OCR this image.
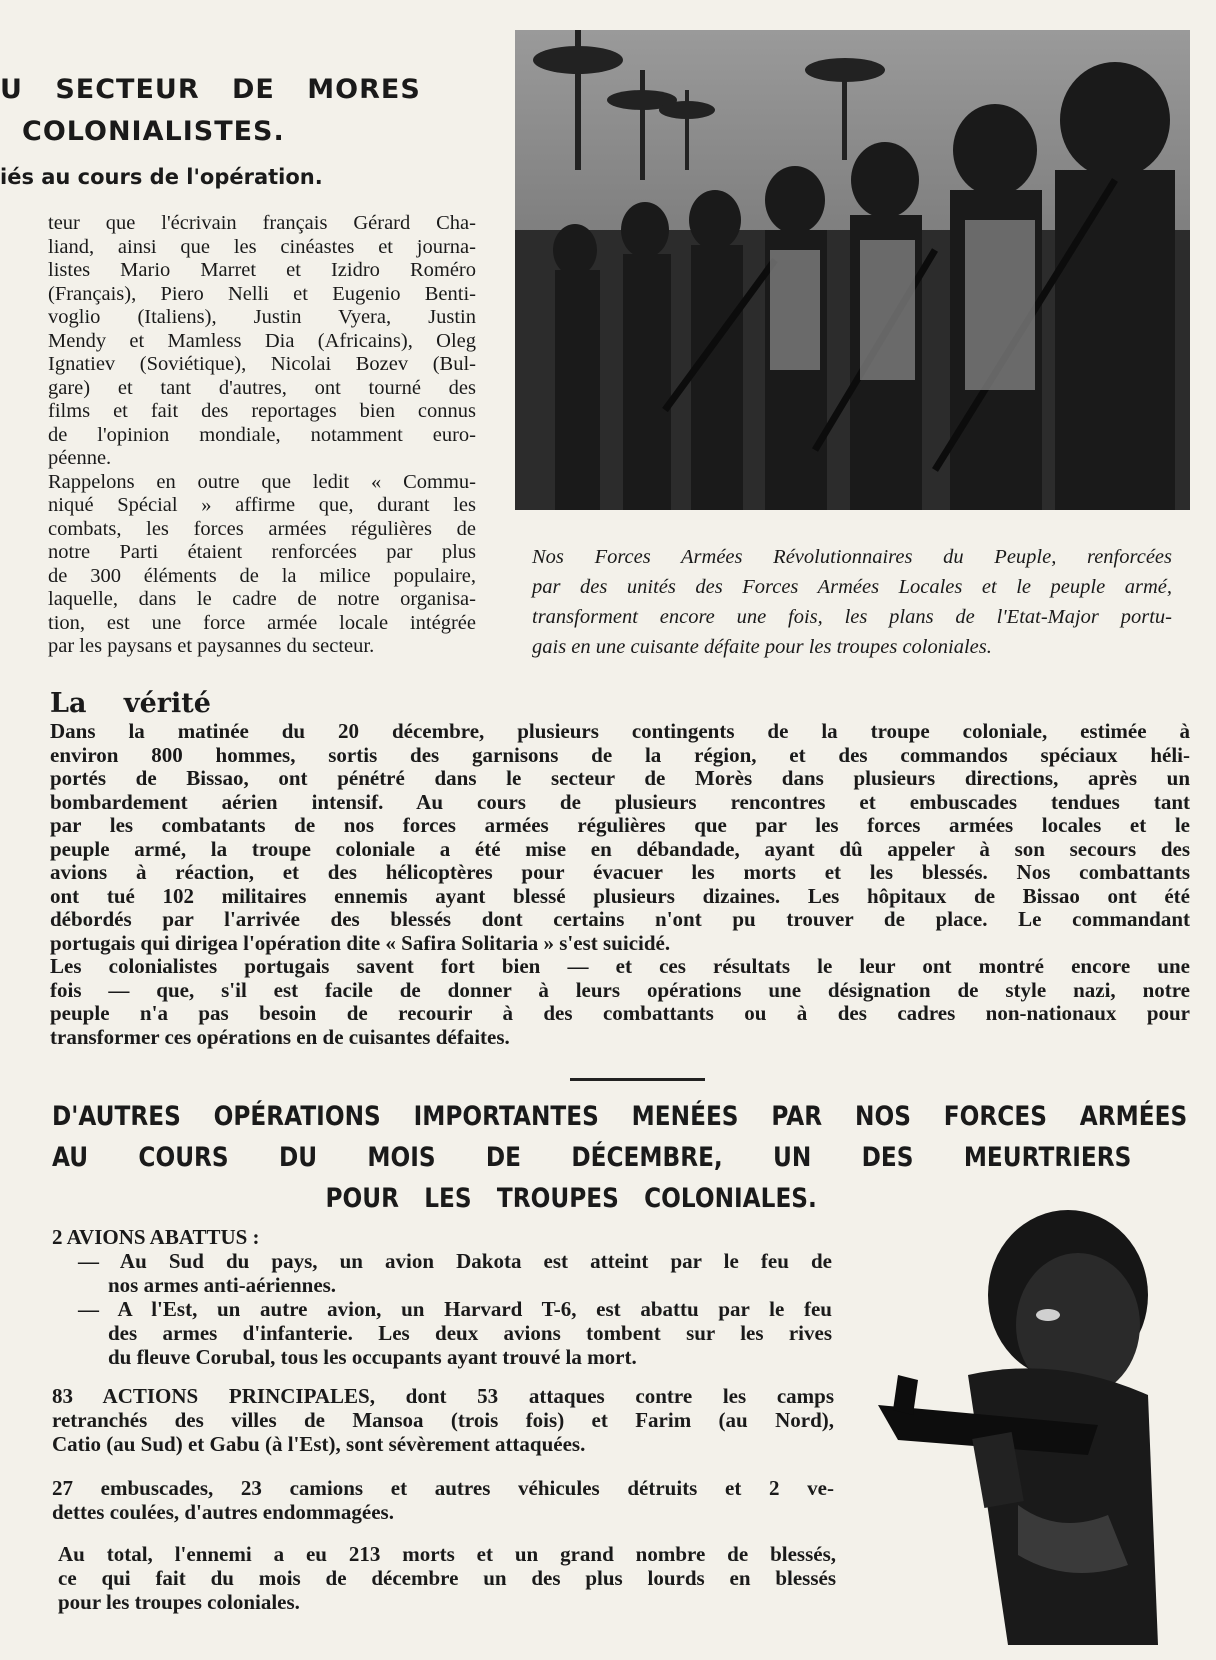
U SECTEUR DE MORES
COLONIALISTES.
iés au cours de l'opération.
teur que l'écrivain français Gérard Cha-
liand, ainsi que les cinéastes et journa-
listes Mario Marret et Izidro Roméro
(Français), Piero Nelli et Eugenio Benti-
voglio (Italiens), Justin Vyera, Justin
Mendy et Mamless Dia (Africains), Oleg
Ignatiev (Soviétique), Nicolai Bozev (Bul-
gare) et tant d'autres, ont tourné des
films et fait des reportages bien connus
de l'opinion mondiale, notamment euro-
péenne.
Rappelons en outre que ledit « Commu-
niqué Spécial » affirme que, durant les
combats, les forces armées régulières de
notre Parti étaient renforcées par plus
de 300 éléments de la milice populaire,
laquelle, dans le cadre de notre organisa-
tion, est une force armée locale intégrée
par les paysans et paysannes du secteur.
Nos Forces Armées Révolutionnaires du Peuple, renforcées
par des unités des Forces Armées Locales et le peuple armé,
transforment encore une fois, les plans de l'Etat-Major portu-
gais en une cuisante défaite pour les troupes coloniales.
La vérité
Dans la matinée du 20 décembre, plusieurs contingents de la troupe coloniale, estimée à
environ 800 hommes, sortis des garnisons de la région, et des commandos spéciaux héli-
portés de Bissao, ont pénétré dans le secteur de Morès dans plusieurs directions, après un
bombardement aérien intensif. Au cours de plusieurs rencontres et embuscades tendues tant
par les combatants de nos forces armées régulières que par les forces armées locales et le
peuple armé, la troupe coloniale a été mise en débandade, ayant dû appeler à son secours des
avions à réaction, et des hélicoptères pour évacuer les morts et les blessés. Nos combattants
ont tué 102 militaires ennemis ayant blessé plusieurs dizaines. Les hôpitaux de Bissao ont été
débordés par l'arrivée des blessés dont certains n'ont pu trouver de place. Le commandant
portugais qui dirigea l'opération dite « Safira Solitaria » s'est suicidé.
Les colonialistes portugais savent fort bien — et ces résultats le leur ont montré encore une
fois — que, s'il est facile de donner à leurs opérations une désignation de style nazi, notre
peuple n'a pas besoin de recourir à des combattants ou à des cadres non-nationaux pour
transformer ces opérations en de cuisantes défaites.
D'AUTRES OPÉRATIONS IMPORTANTES MENÉES PAR NOS FORCES ARMÉES
AU COURS DU MOIS DE DÉCEMBRE, UN DES MEURTRIERS
POUR LES TROUPES COLONIALES.
2 AVIONS ABATTUS :
— Au Sud du pays, un avion Dakota est atteint par le feu de
nos armes anti-aériennes.
— A l'Est, un autre avion, un Harvard T-6, est abattu par le feu
des armes d'infanterie. Les deux avions tombent sur les rives
du fleuve Corubal, tous les occupants ayant trouvé la mort.
83 ACTIONS PRINCIPALES, dont 53 attaques contre les camps
retranchés des villes de Mansoa (trois fois) et Farim (au Nord),
Catio (au Sud) et Gabu (à l'Est), sont sévèrement attaquées.
27 embuscades, 23 camions et autres véhicules détruits et 2 ve-
dettes coulées, d'autres endommagées.
Au total, l'ennemi a eu 213 morts et un grand nombre de blessés,
ce qui fait du mois de décembre un des plus lourds en blessés
pour les troupes coloniales.
